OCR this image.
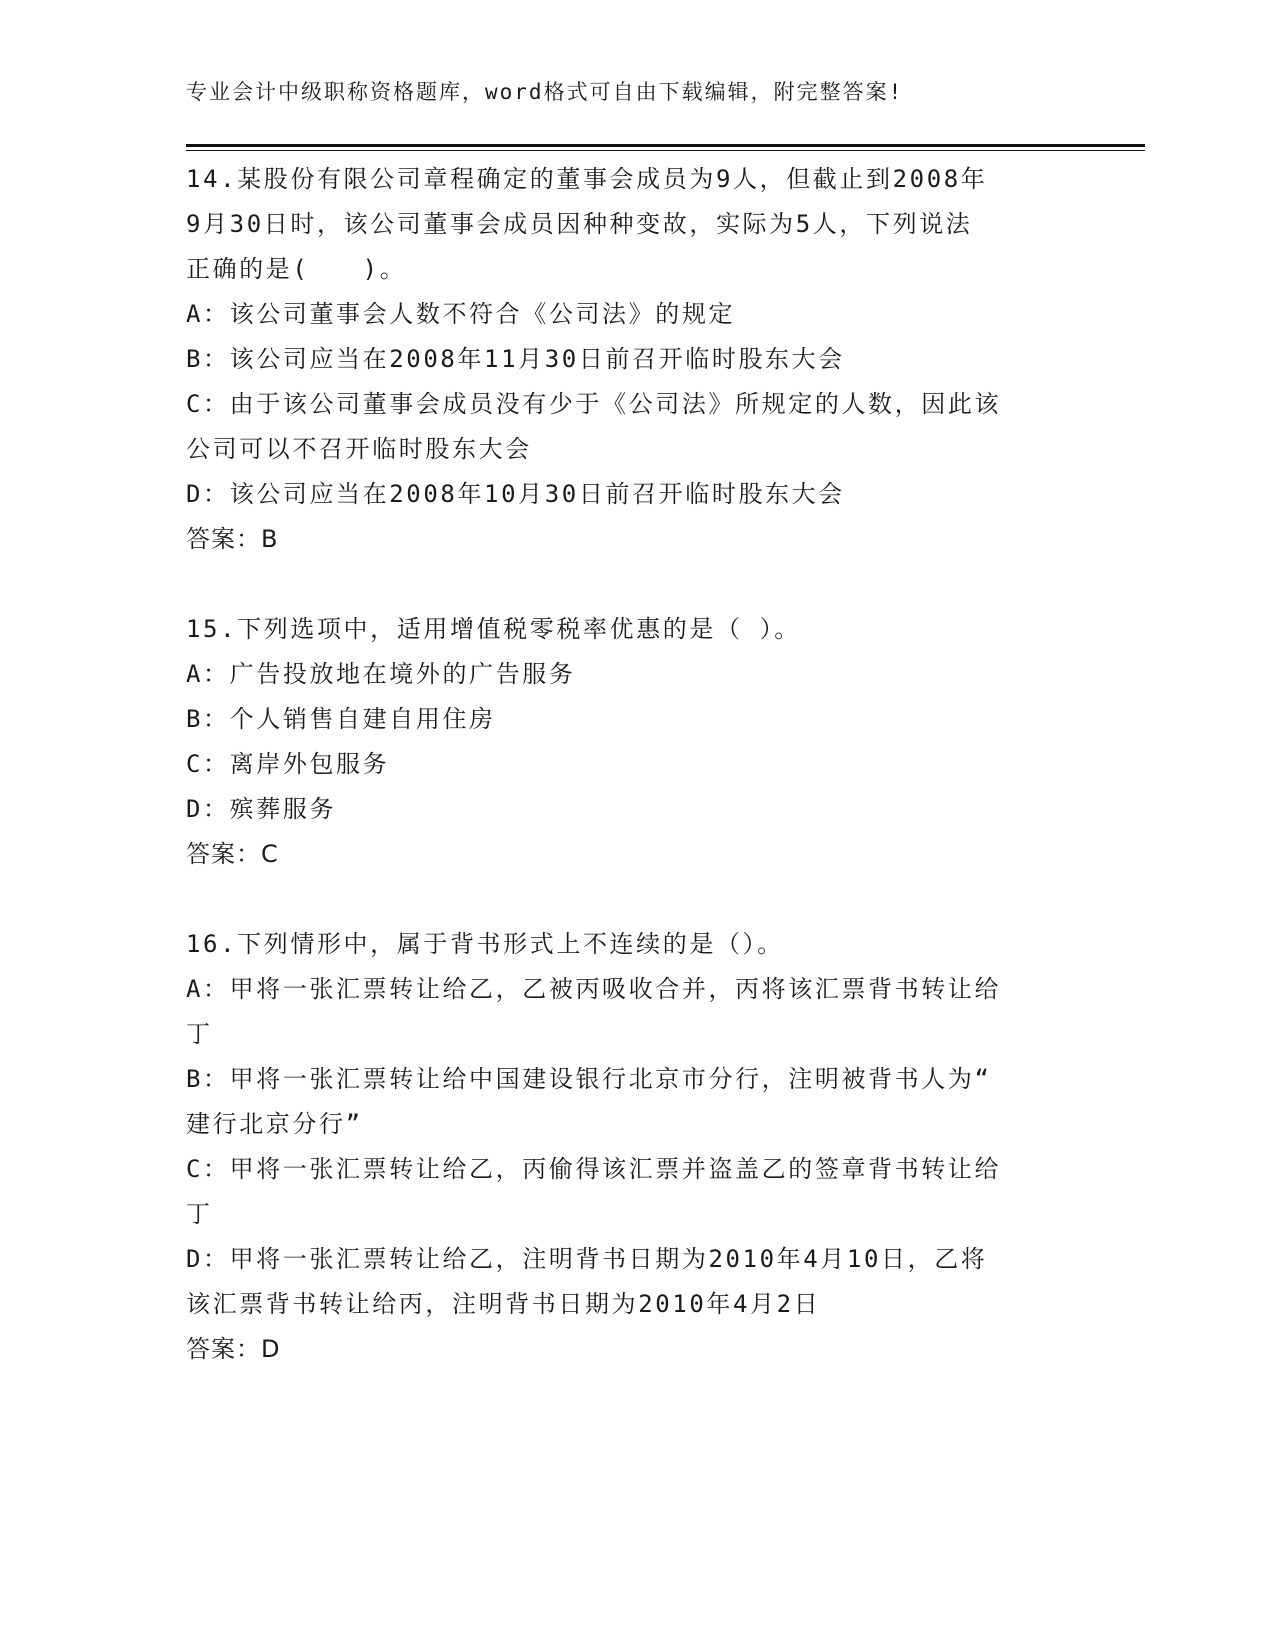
专业会计中级职称资格题库，word格式可自由下载编辑，附完整答案!
14.某股份有限公司章程确定的董事会成员为9人，但截止到2008年
9月30日时，该公司董事会成员因种种变故，实际为5人，下列说法
正确的是(　　)。
A：该公司董事会人数不符合《公司法》的规定
B：该公司应当在2008年11月30日前召开临时股东大会
C：由于该公司董事会成员没有少于《公司法》所规定的人数，因此该
公司可以不召开临时股东大会
D：该公司应当在2008年10月30日前召开临时股东大会
答案：B
15.下列选项中，适用增值税零税率优惠的是（ ）。
A：广告投放地在境外的广告服务
B：个人销售自建自用住房
C：离岸外包服务
D：殡葬服务
答案：C
16.下列情形中，属于背书形式上不连续的是（）。
A：甲将一张汇票转让给乙，乙被丙吸收合并，丙将该汇票背书转让给
丁
B：甲将一张汇票转让给中国建设银行北京市分行，注明被背书人为“
建行北京分行”
C：甲将一张汇票转让给乙，丙偷得该汇票并盗盖乙的签章背书转让给
丁
D：甲将一张汇票转让给乙，注明背书日期为2010年4月10日，乙将
该汇票背书转让给丙，注明背书日期为2010年4月2日
答案：D
